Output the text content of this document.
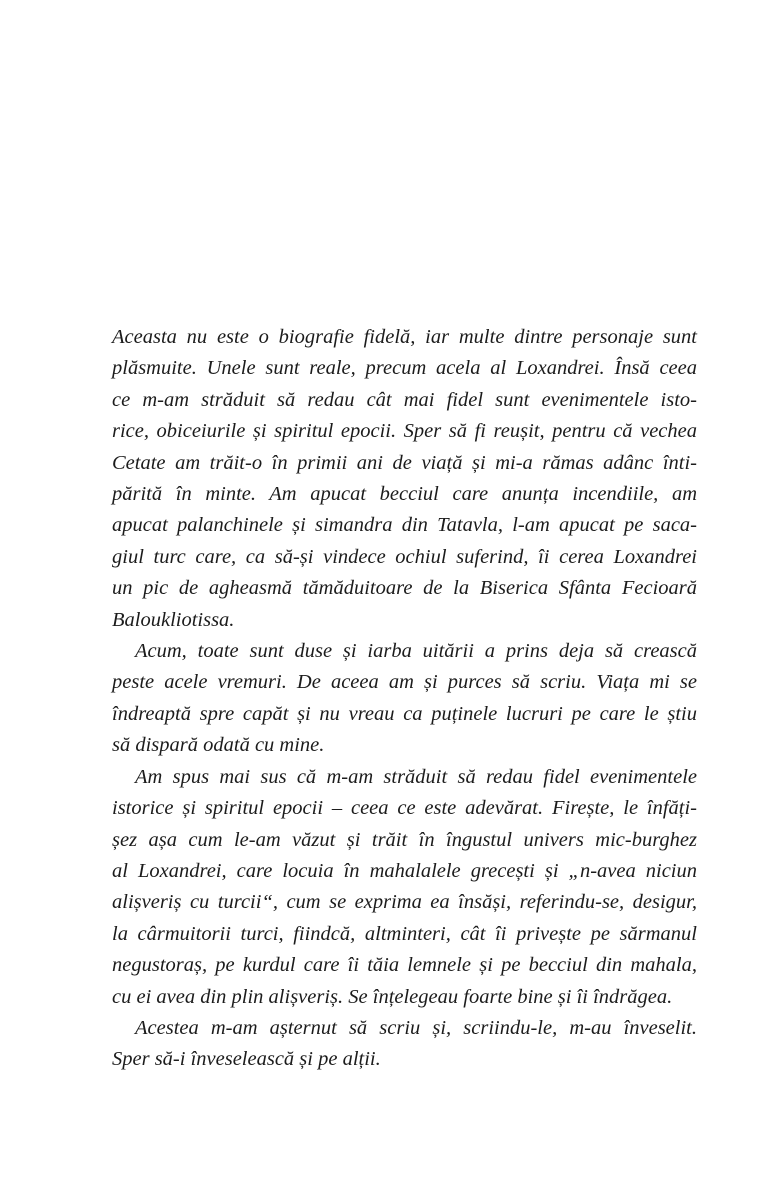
Aceasta nu este o biografie fidelă, iar multe dintre personaje sunt
plăsmuite. Unele sunt reale, precum acela al Loxandrei. Însă ceea
ce m-am străduit să redau cât mai fidel sunt evenimentele isto-
rice, obiceiurile și spiritul epocii. Sper să fi reușit, pentru că vechea
Cetate am trăit-o în primii ani de viață și mi-a rămas adânc înti-
părită în minte. Am apucat becciul care anunța incendiile, am
apucat palanchinele și simandra din Tatavla, l-am apucat pe saca-
giul turc care, ca să-și vindece ochiul suferind, îi cerea Loxandrei
un pic de agheasmă tămăduitoare de la Biserica Sfânta Fecioară
Baloukliotissa.
Acum, toate sunt duse și iarba uitării a prins deja să crească
peste acele vremuri. De aceea am și purces să scriu. Viața mi se
îndreaptă spre capăt și nu vreau ca puținele lucruri pe care le știu
să dispară odată cu mine.
Am spus mai sus că m-am străduit să redau fidel evenimentele
istorice și spiritul epocii – ceea ce este adevărat. Firește, le înfăți-
șez așa cum le-am văzut și trăit în îngustul univers mic-burghez
al Loxandrei, care locuia în mahalalele grecești și „n-avea niciun
alișveriș cu turcii“, cum se exprima ea însăși, referindu-se, desigur,
la cârmuitorii turci, fiindcă, altminteri, cât îi privește pe sărmanul
negustoraș, pe kurdul care îi tăia lemnele și pe becciul din mahala,
cu ei avea din plin alișveriș. Se înțelegeau foarte bine și îi îndrăgea.
Acestea m-am așternut să scriu și, scriindu-le, m-au înveselit.
Sper să-i înveselească și pe alții.
